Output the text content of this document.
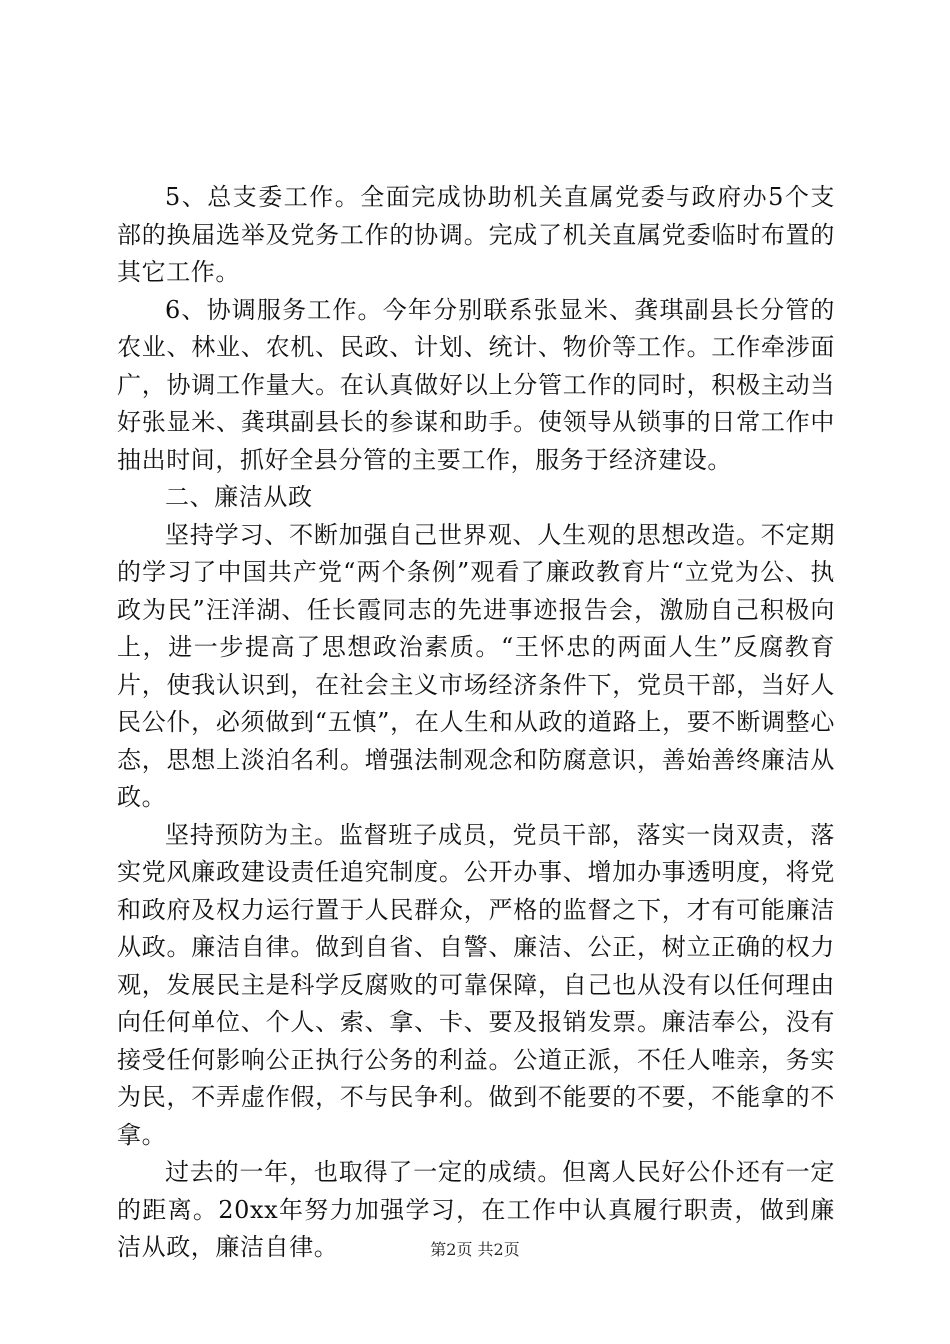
5、总支委工作。全面完成协助机关直属党委与政府办5个支部的换届选举及党务工作的协调。完成了机关直属党委临时布置的其它工作。

6、协调服务工作。今年分别联系张显米、龚琪副县长分管的农业、林业、农机、民政、计划、统计、物价等工作。工作牵涉面广，协调工作量大。在认真做好以上分管工作的同时，积极主动当好张显米、龚琪副县长的参谋和助手。使领导从锁事的日常工作中抽出时间，抓好全县分管的主要工作，服务于经济建设。

二、廉洁从政

坚持学习、不断加强自己世界观、人生观的思想改造。不定期的学习了中国共产党“两个条例”观看了廉政教育片“立党为公、执政为民”汪洋湖、任长霞同志的先进事迹报告会，激励自己积极向上，进一步提高了思想政治素质。“王怀忠的两面人生”反腐教育片，使我认识到，在社会主义市场经济条件下，党员干部，当好人民公仆，必须做到“五慎”，在人生和从政的道路上，要不断调整心态，思想上淡泊名利。增强法制观念和防腐意识，善始善终廉洁从政。

坚持预防为主。监督班子成员，党员干部，落实一岗双责，落实党风廉政建设责任追究制度。公开办事、增加办事透明度，将党和政府及权力运行置于人民群众，严格的监督之下，才有可能廉洁从政。廉洁自律。做到自省、自警、廉洁、公正，树立正确的权力观，发展民主是科学反腐败的可靠保障，自己也从没有以任何理由向任何单位、个人、索、拿、卡、要及报销发票。廉洁奉公，没有接受任何影响公正执行公务的利益。公道正派，不任人唯亲，务实为民，不弄虚作假，不与民争利。做到不能要的不要，不能拿的不拿。

过去的一年，也取得了一定的成绩。但离人民好公仆还有一定的距离。20xx年努力加强学习，在工作中认真履行职责，做到廉洁从政，廉洁自律。	第2页 共2页
